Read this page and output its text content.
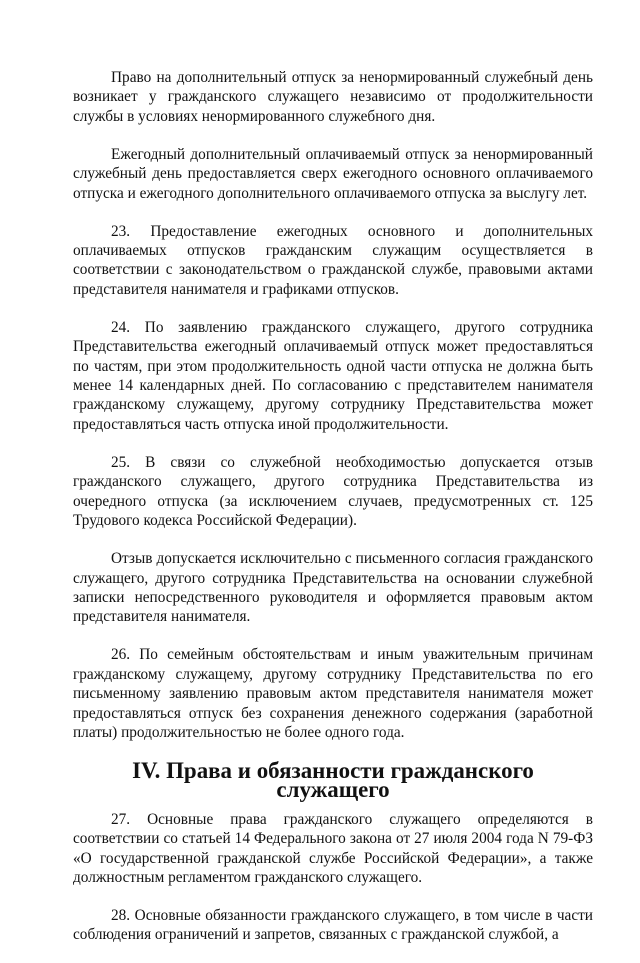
Право на дополнительный отпуск за ненормированный служебный день возникает у гражданского служащего независимо от продолжительности службы в условиях ненормированного служебного дня.

Ежегодный дополнительный оплачиваемый отпуск за ненормированный служебный день предоставляется сверх ежегодного основного оплачиваемого отпуска и ежегодного дополнительного оплачиваемого отпуска за выслугу лет.

23. Предоставление ежегодных основного и дополнительных оплачиваемых отпусков гражданским служащим осуществляется в соответствии с законодательством о гражданской службе, правовыми актами представителя нанимателя и графиками отпусков.

24. По заявлению гражданского служащего, другого сотрудника Представительства ежегодный оплачиваемый отпуск может предоставляться по частям, при этом продолжительность одной части отпуска не должна быть менее 14 календарных дней. По согласованию с представителем нанимателя гражданскому служащему, другому сотруднику Представительства может предоставляться часть отпуска иной продолжительности.

25. В связи со служебной необходимостью допускается отзыв гражданского служащего, другого сотрудника Представительства из очередного отпуска (за исключением случаев, предусмотренных ст. 125 Трудового кодекса Российской Федерации).

Отзыв допускается исключительно с письменного согласия гражданского служащего, другого сотрудника Представительства на основании служебной записки непосредственного руководителя и оформляется правовым актом представителя нанимателя.

26. По семейным обстоятельствам и иным уважительным причинам гражданскому служащему, другому сотруднику Представительства по его письменному заявлению правовым актом представителя нанимателя может предоставляться отпуск без сохранения денежного содержания (заработной платы) продолжительностью не более одного года.

IV. Права и обязанности гражданского служащего

27. Основные права гражданского служащего определяются в соответствии со статьей 14 Федерального закона от 27 июля 2004 года N 79-ФЗ «О государственной гражданской службе Российской Федерации», а также должностным регламентом гражданского служащего.

28. Основные обязанности гражданского служащего, в том числе в части соблюдения ограничений и запретов, связанных с гражданской службой, а
